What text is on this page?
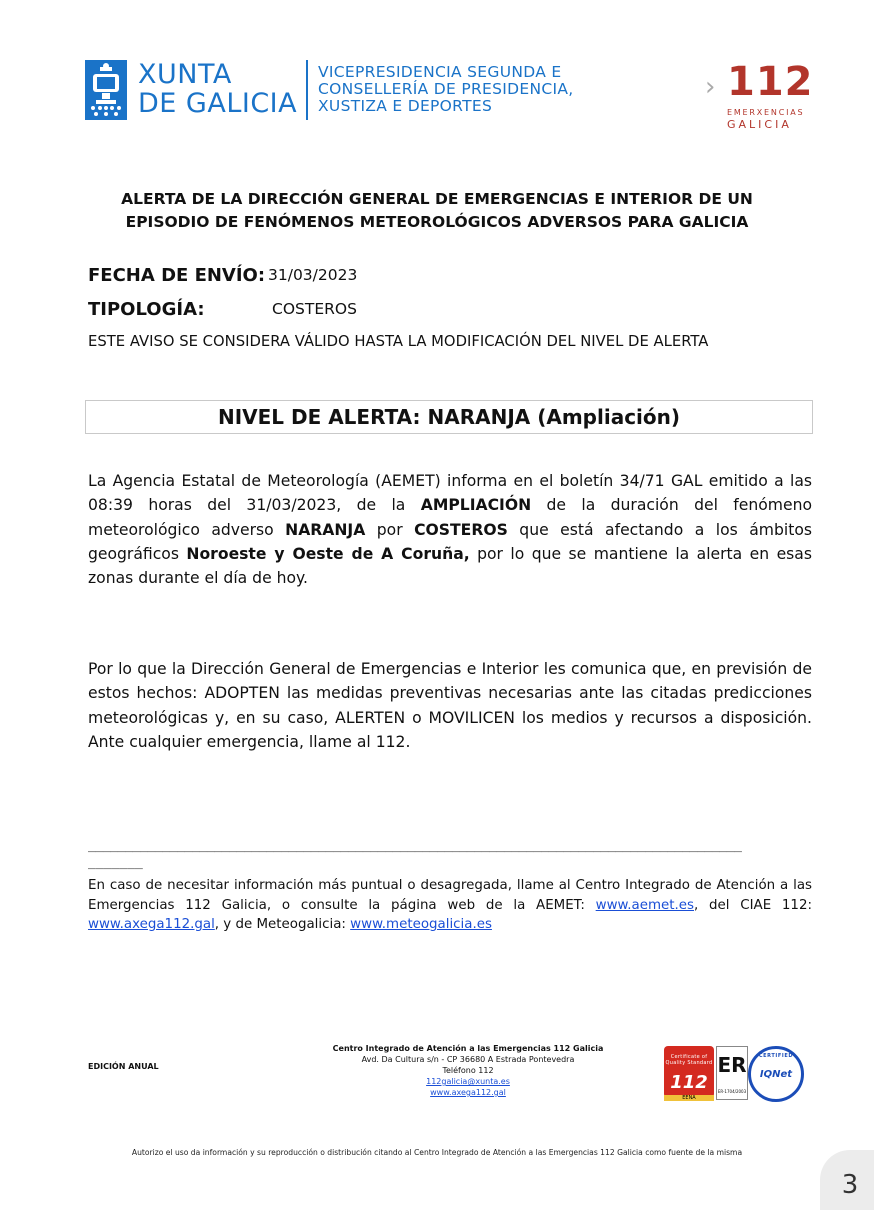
XUNTA
DE GALICIA
VICEPRESIDENCIA SEGUNDA E
CONSELLERÍA DE PRESIDENCIA,
XUSTIZA E DEPORTES
› 112
EMERXENCIAS
GALICIA
ALERTA DE LA DIRECCIÓN GENERAL DE EMERGENCIAS E INTERIOR DE UN
EPISODIO DE FENÓMENOS METEOROLÓGICOS ADVERSOS PARA GALICIA
FECHA DE ENVÍO: 31/03/2023
TIPOLOGÍA:	COSTEROS
ESTE AVISO SE CONSIDERA VÁLIDO HASTA LA MODIFICACIÓN DEL NIVEL DE ALERTA
NIVEL DE ALERTA: NARANJA (Ampliación)
La Agencia Estatal de Meteorología (AEMET) informa en el boletín 34/71 GAL emitido a las 08:39 horas del 31/03/2023, de la AMPLIACIÓN de la duración del fenómeno meteorológico adverso NARANJA por COSTEROS que está afectando a los ámbitos geográficos Noroeste y Oeste de A Coruña, por lo que se mantiene la alerta en esas zonas durante el día de hoy.
Por lo que la Dirección General de Emergencias e Interior les comunica que, en previsión de estos hechos: ADOPTEN las medidas preventivas necesarias ante las citadas predicciones meteorológicas y, en su caso, ALERTEN o MOVILICEN los medios y recursos a disposición. Ante cualquier emergencia, llame al 112.
________________________________________________________________________________________
_______
En caso de necesitar información más puntual o desagregada, llame al Centro Integrado de Atención a las Emergencias 112 Galicia, o consulte la página web de la AEMET: www.aemet.es, del CIAE 112: www.axega112.gal, y de Meteogalicia: www.meteogalicia.es
EDICIÓN ANUAL
Centro Integrado de Atención a las Emergencias 112 Galicia
Avd. Da Cultura s/n - CP 36680 A Estrada Pontevedra
Teléfono 112
112galicia@xunta.es
www.axega112.gal
Certificate of Quality Standard
112
EENA
ER
ER-1704/2003
CERTIFIED
IQNet
Autorizo el uso da información y su reproducción o distribución citando al Centro Integrado de Atención a las Emergencias 112 Galicia como fuente de la misma
3
